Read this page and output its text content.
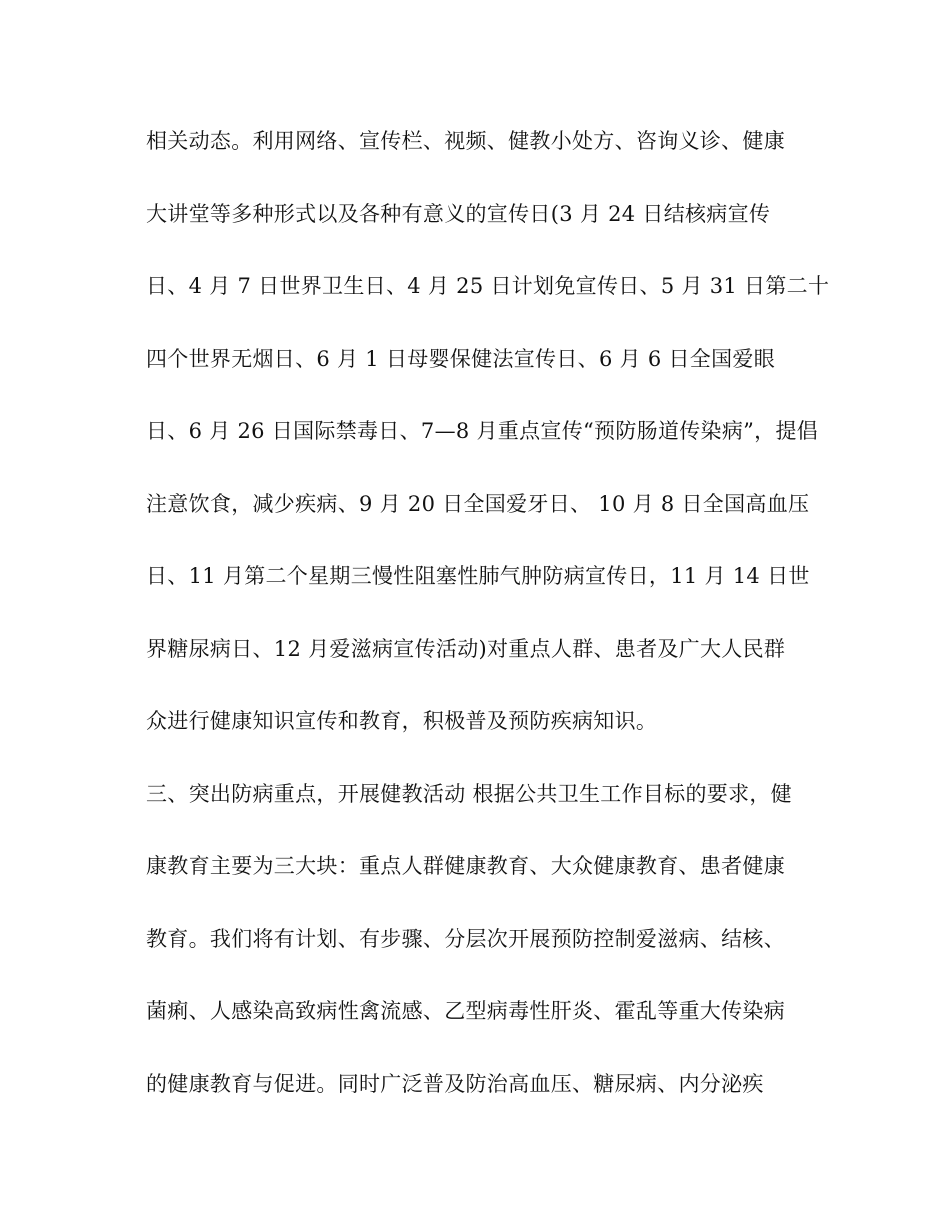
相关动态。利用网络、宣传栏、视频、健教小处方、咨询义诊、健康
大讲堂等多种形式以及各种有意义的宣传日(3 月 24 日结核病宣传
日、4 月 7 日世界卫生日、4 月 25 日计划免宣传日、5 月 31 日第二十
四个世界无烟日、6 月 1 日母婴保健法宣传日、6 月 6 日全国爱眼
日、6 月 26 日国际禁毒日、7—8 月重点宣传“预防肠道传染病”，提倡
注意饮食，减少疾病、9 月 20 日全国爱牙日、 10 月 8 日全国高血压
日、11 月第二个星期三慢性阻塞性肺气肿防病宣传日，11 月 14 日世
界糖尿病日、12 月爱滋病宣传活动)对重点人群、患者及广大人民群
众进行健康知识宣传和教育，积极普及预防疾病知识。
三、突出防病重点，开展健教活动 根据公共卫生工作目标的要求，健
康教育主要为三大块：重点人群健康教育、大众健康教育、患者健康
教育。我们将有计划、有步骤、分层次开展预防控制爱滋病、结核、
菌痢、人感染高致病性禽流感、乙型病毒性肝炎、霍乱等重大传染病
的健康教育与促进。同时广泛普及防治高血压、糖尿病、内分泌疾
